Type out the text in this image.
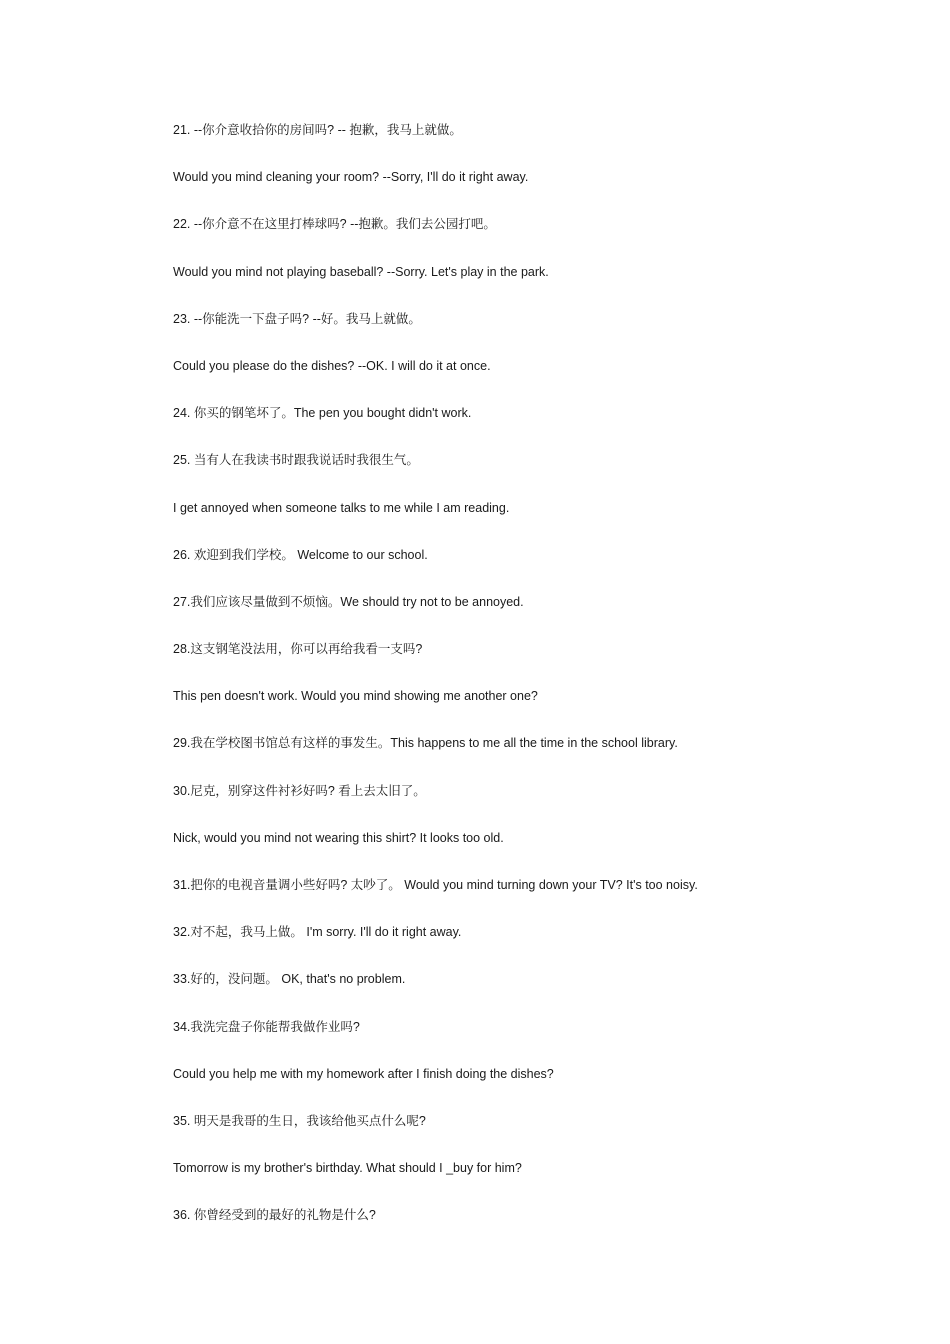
21. --你介意收拾你的房间吗? -- 抱歉，我马上就做。
Would you mind cleaning your room? --Sorry, I'll do it right away.
22. --你介意不在这里打棒球吗? --抱歉。我们去公园打吧。
Would you mind not playing baseball? --Sorry. Let's play in the park.
23. --你能洗一下盘子吗? --好。我马上就做。
Could you please do the dishes? --OK. I will do it at once.
24. 你买的钢笔坏了。The pen you bought didn't work.
25. 当有人在我读书时跟我说话时我很生气。
I get annoyed when someone talks to me while I am reading.
26. 欢迎到我们学校。 Welcome to our school.
27.我们应该尽量做到不烦恼。We should try not to be annoyed.
28.这支钢笔没法用，你可以再给我看一支吗?
This pen doesn't work. Would you mind showing me another one?
29.我在学校图书馆总有这样的事发生。This happens to me all the time in the school library.
30.尼克，别穿这件衬衫好吗? 看上去太旧了。
Nick, would you mind not wearing this shirt? It looks too old.
31.把你的电视音量调小些好吗? 太吵了。 Would you mind turning down your TV? It's too noisy.
32.对不起，我马上做。 I'm sorry. I'll do it right away.
33.好的，没问题。 OK, that's no problem.
34.我洗完盘子你能帮我做作业吗?
Could you help me with my homework after I finish doing the dishes?
35. 明天是我哥的生日，我该给他买点什么呢?
Tomorrow is my brother's birthday. What should I _buy for him?
36. 你曾经受到的最好的礼物是什么?
